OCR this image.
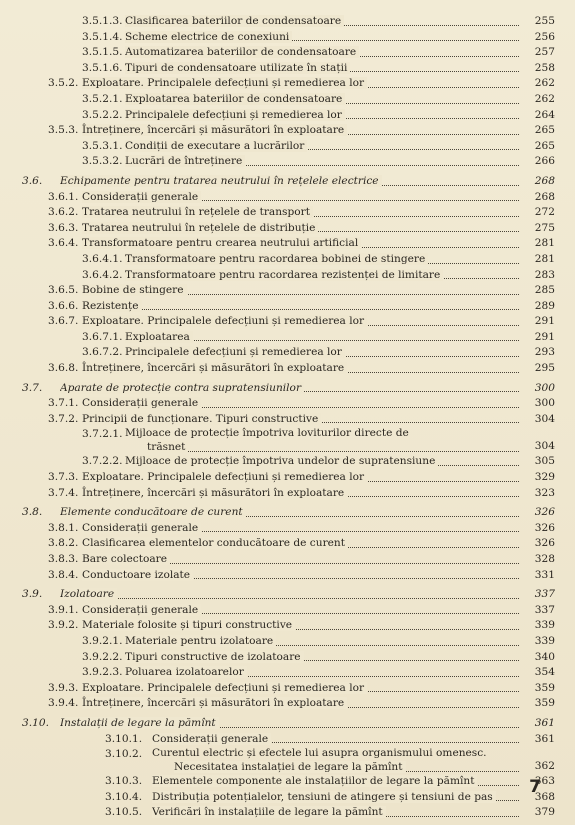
3.5.1.3. Clasificarea bateriilor de condensatoare	255
3.5.1.4. Scheme electrice de conexiuni	256
3.5.1.5. Automatizarea bateriilor de condensatoare	257
3.5.1.6. Tipuri de condensatoare utilizate în stații	258
3.5.2. Exploatare. Principalele defecțiuni și remedierea lor	262
3.5.2.1. Exploatarea bateriilor de condensatoare	262
3.5.2.2. Principalele defecțiuni și remedierea lor	264
3.5.3. Întreținere, încercări și măsurători în exploatare	265
3.5.3.1. Condiții de executare a lucrărilor	265
3.5.3.2. Lucrări de întreținere	266
3.6. Echipamente pentru tratarea neutrului în rețelele electrice	268
3.6.1. Considerații generale	268
3.6.2. Tratarea neutrului în rețelele de transport	272
3.6.3. Tratarea neutrului în rețelele de distribuție	275
3.6.4. Transformatoare pentru crearea neutrului artificial	281
3.6.4.1. Transformatoare pentru racordarea bobinei de stingere	281
3.6.4.2. Transformatoare pentru racordarea rezistenței de limitare	283
3.6.5. Bobine de stingere	285
3.6.6. Rezistențe	289
3.6.7. Exploatare. Principalele defecțiuni și remedierea lor	291
3.6.7.1. Exploatarea	291
3.6.7.2. Principalele defecțiuni și remedierea lor	293
3.6.8. Întreținere, încercări și măsurători în exploatare	295
3.7. Aparate de protecție contra supratensiunilor	300
3.7.1. Considerații generale	300
3.7.2. Principii de funcționare. Tipuri constructive	304
3.7.2.1. Mijloace de protecție împotriva loviturilor directe de
trăsnet	304
3.7.2.2. Mijloace de protecție împotriva undelor de supratensiune	305
3.7.3. Exploatare. Principalele defecțiuni și remedierea lor	329
3.7.4. Întreținere, încercări și măsurători în exploatare	323
3.8. Elemente conducătoare de curent	326
3.8.1. Considerații generale	326
3.8.2. Clasificarea elementelor conducătoare de curent	326
3.8.3. Bare colectoare	328
3.8.4. Conductoare izolate	331
3.9. Izolatoare	337
3.9.1. Considerații generale	337
3.9.2. Materiale folosite și tipuri constructive	339
3.9.2.1. Materiale pentru izolatoare	339
3.9.2.2. Tipuri constructive de izolatoare	340
3.9.2.3. Poluarea izolatoarelor	354
3.9.3. Exploatare. Principalele defecțiuni și remedierea lor	359
3.9.4. Întreținere, încercări și măsurători în exploatare	359
3.10. Instalații de legare la pămînt	361
3.10.1. Considerații generale	361
3.10.2. Curentul electric și efectele lui asupra organismului omenesc.
Necesitatea instalației de legare la pămînt	362
3.10.3. Elementele componente ale instalațiilor de legare la pămînt	363
3.10.4. Distribuția potențialelor, tensiuni de atingere și tensiuni de pas	368
3.10.5. Verificări în instalațiile de legare la pămînt	379
7
